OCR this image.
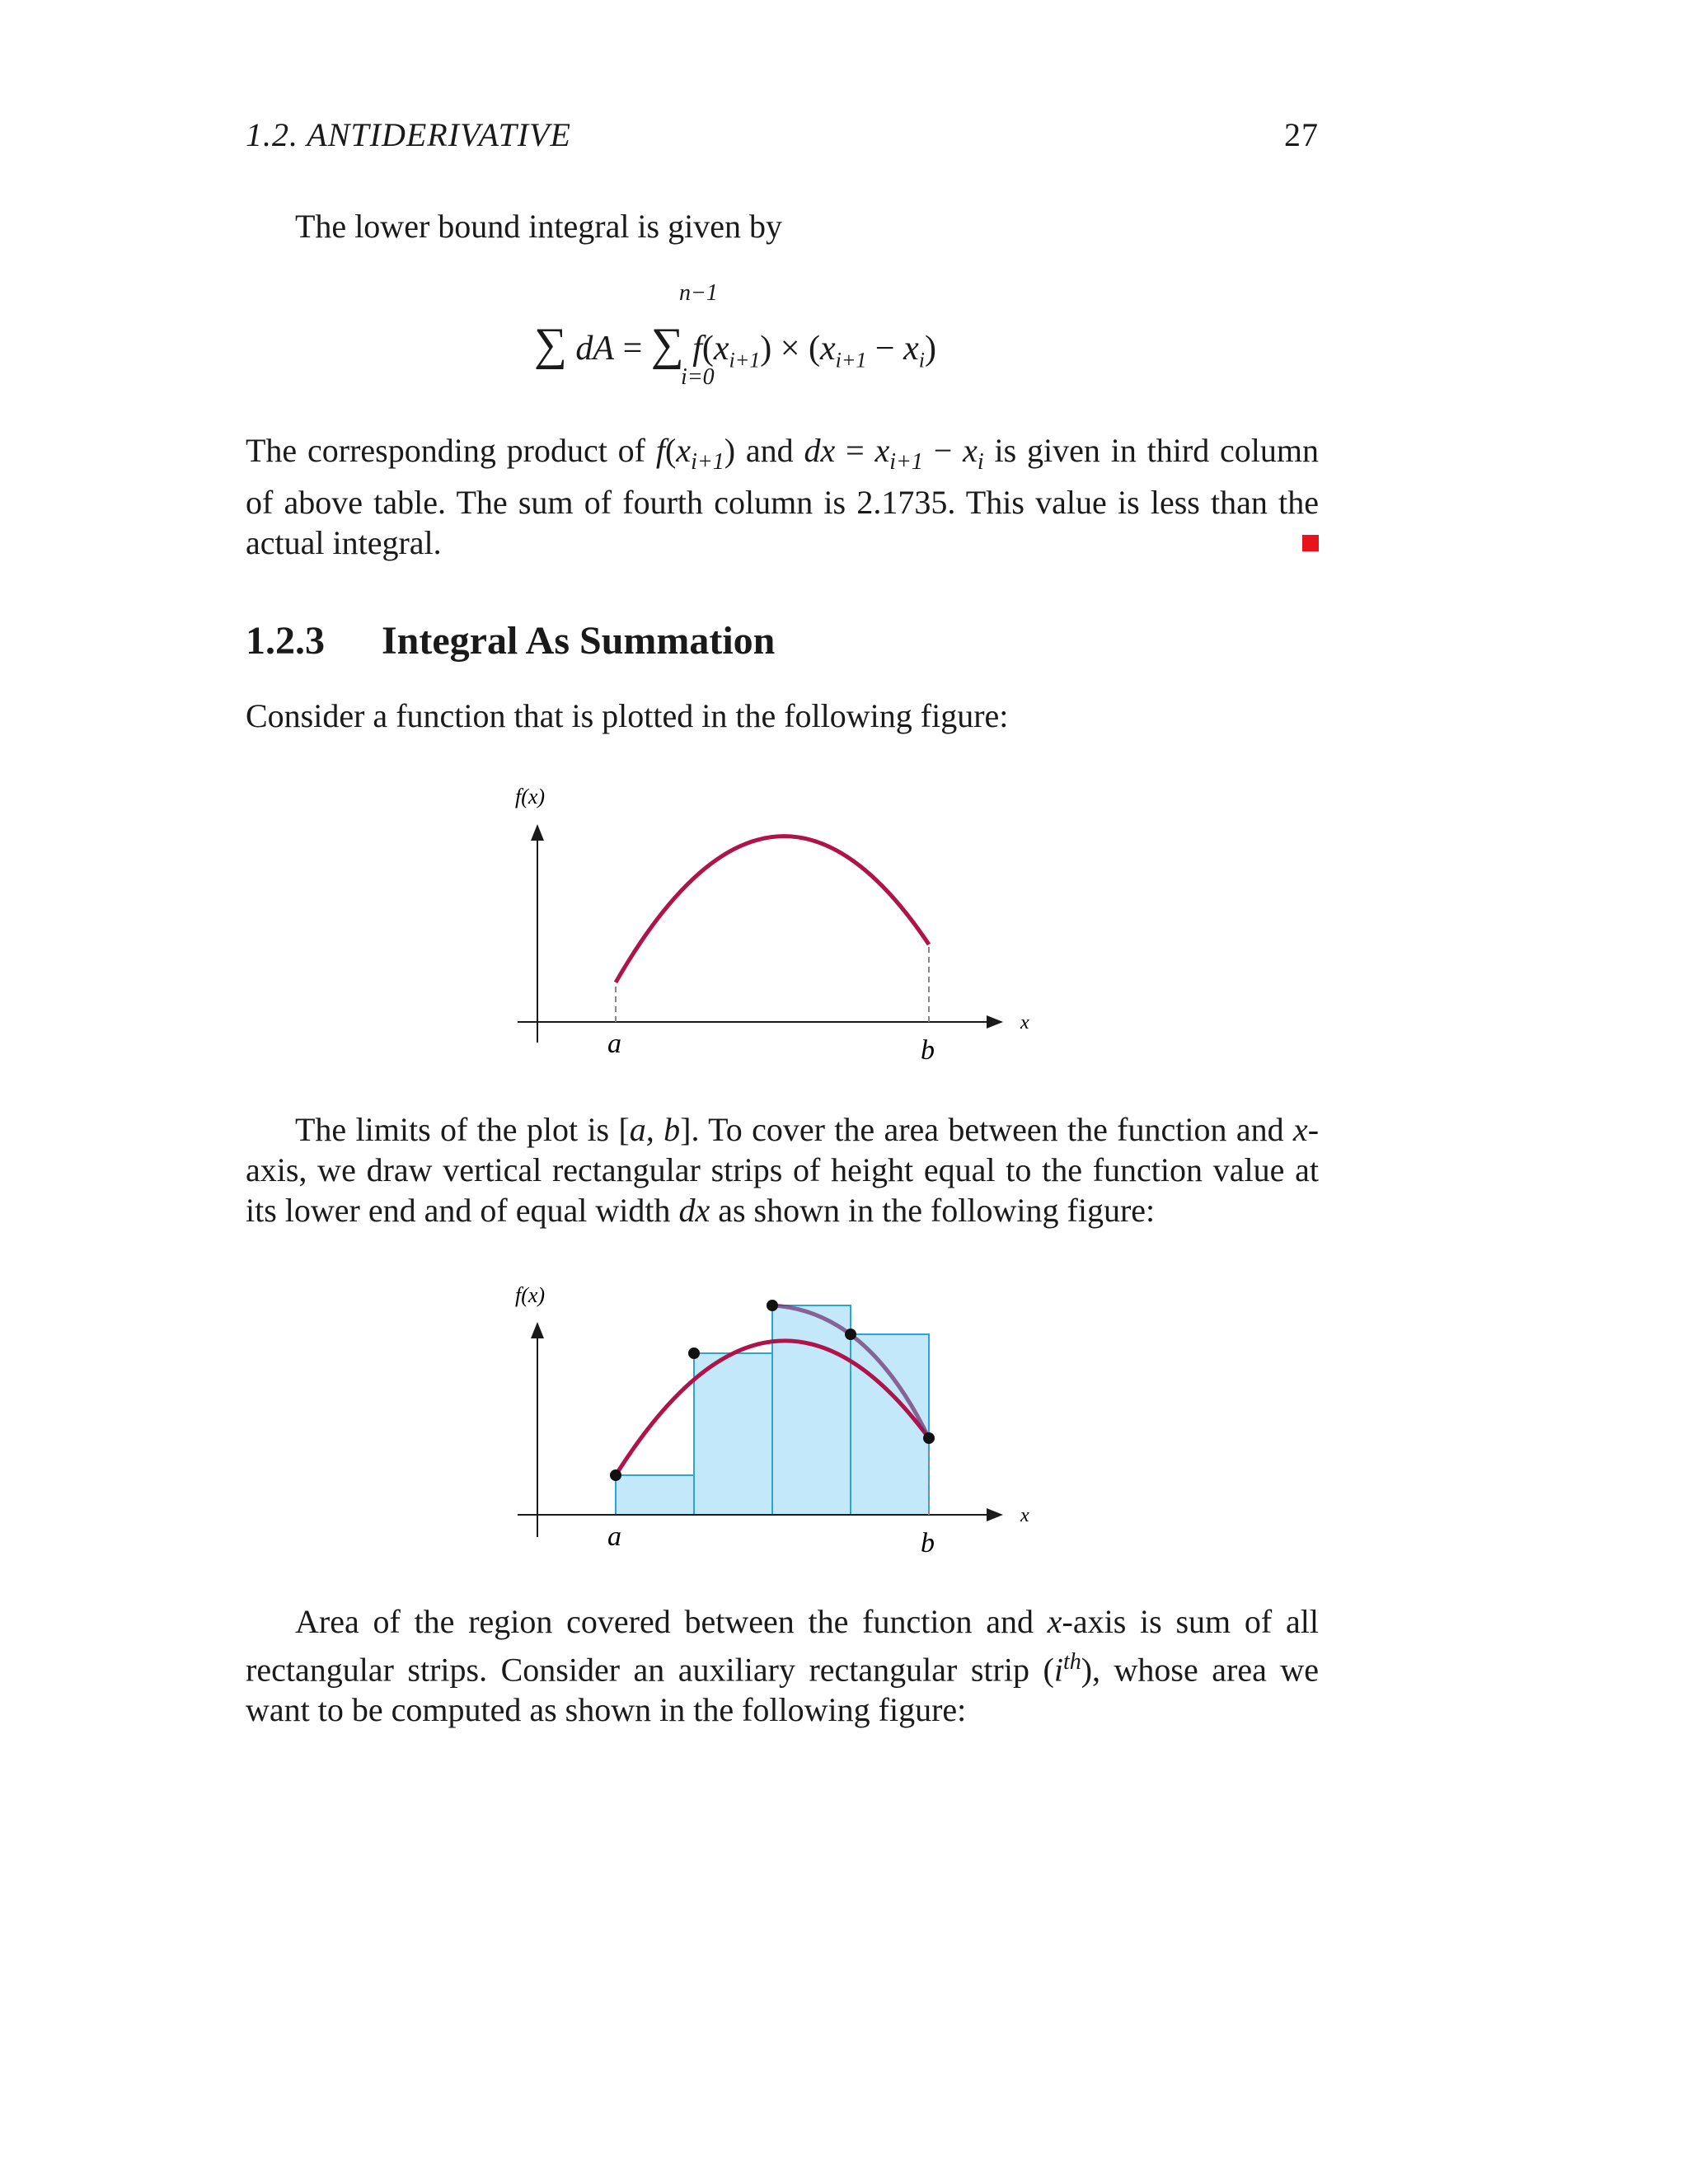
1.2. ANTIDERIVATIVE	27
The lower bound integral is given by
n−1
∑ dA = ∑ $f(x_{i+1}) \times (x_{i+1} - x_i)$
i=0
The corresponding product of $f(x_{i+1})$ and dx = $x_{i+1} - x_i$ is given in third column of above table. The sum of fourth column is 2.1735. This value is less than the actual integral.
1.2.3 Integral As Summation
Consider a function that is plotted in the following figure:
f(x)
x
a	b
The limits of the plot is [a, b]. To cover the area between the function and x-axis, we draw vertical rectangular strips of height equal to the function value at its lower end and of equal width dx as shown in the following figure:
f(x)
x
a	b
Area of the region covered between the function and x-axis is sum of all rectangular strips. Consider an auxiliary rectangular strip $(i^{th})$, whose area we want to be computed as shown in the following figure:
